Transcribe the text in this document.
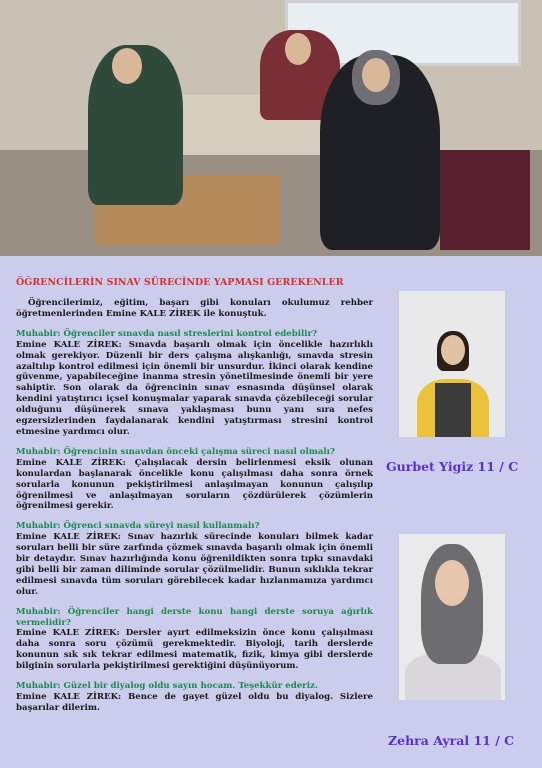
ÖĞRENCİLERİN SINAV SÜRECİNDE YAPMASI GEREKENLER

Öğrencilerimiz, eğitim, başarı gibi konuları okulumuz rehber öğretmenlerinden Emine KALE ZİREK ile konuştuk.

Muhabir: Öğrenciler sınavda nasıl streslerini kontrol edebilir?

Emine KALE ZİREK: Sınavda başarılı olmak için öncelikle hazırlıklı olmak gerekiyor. Düzenli bir ders çalışma alışkanlığı, sınavda stresin azaltılıp kontrol edilmesi için önemli bir unsurdur. İkinci olarak kendine güvenme, yapabileceğine inanma stresin yönetilmesinde önemli bir yere sahiptir. Son olarak da öğrencinin sınav esnasında düşünsel olarak kendini yatıştırıcı içsel konuşmalar yaparak sınavda çözebileceği sorular olduğunu düşünerek sınava yaklaşması bunu yanı sıra nefes egzersizlerinden faydalanarak kendini yatıştırması stresini kontrol etmesine yardımcı olur.

Muhabir: Öğrencinin sınavdan önceki çalışma süreci nasıl olmalı?

Emine KALE ZİREK: Çalışılacak dersin belirlenmesi eksik olunan konulardan başlanarak öncelikle konu çalışılması daha sonra örnek sorularla konunun pekiştirilmesi anlaşılmayan konunun çalışılıp öğrenilmesi ve anlaşılmayan soruların çözdürülerek çözümlerin öğrenilmesi gerekir.

Muhabir: Öğrenci sınavda süreyi nasıl kullanmalı?

Emine KALE ZİREK: Sınav hazırlık sürecinde konuları bilmek kadar soruları belli bir süre zarfında çözmek sınavda başarılı olmak için önemli bir detaydır. Sınav hazırlığında konu öğrenildikten sonra tıpkı sınavdaki gibi belli bir zaman diliminde sorular çözülmelidir. Bunun sıklıkla tekrar edilmesi sınavda tüm soruları görebilecek kadar hızlanmamıza yardımcı olur.

Muhabir: Öğrenciler hangi derste konu hangi derste soruya ağırlık vermelidir?

Emine KALE ZİREK: Dersler ayırt edilmeksizin önce konu çalışılması daha sonra soru çözümü gerekmektedir. Biyoloji, tarih derslerde konunun sık sık tekrar edilmesi matematik, fizik, kimya gibi derslerde bilginin sorularla pekiştirilmesi gerektiğini düşünüyorum.

Muhabir: Güzel bir diyalog oldu sayın hocam. Teşekkür ederiz.

Emine KALE ZİREK: Bence de gayet güzel oldu bu diyalog. Sizlere başarılar dilerim.

Gurbet Yigiz 11 / C

Zehra Ayral 11 / C
